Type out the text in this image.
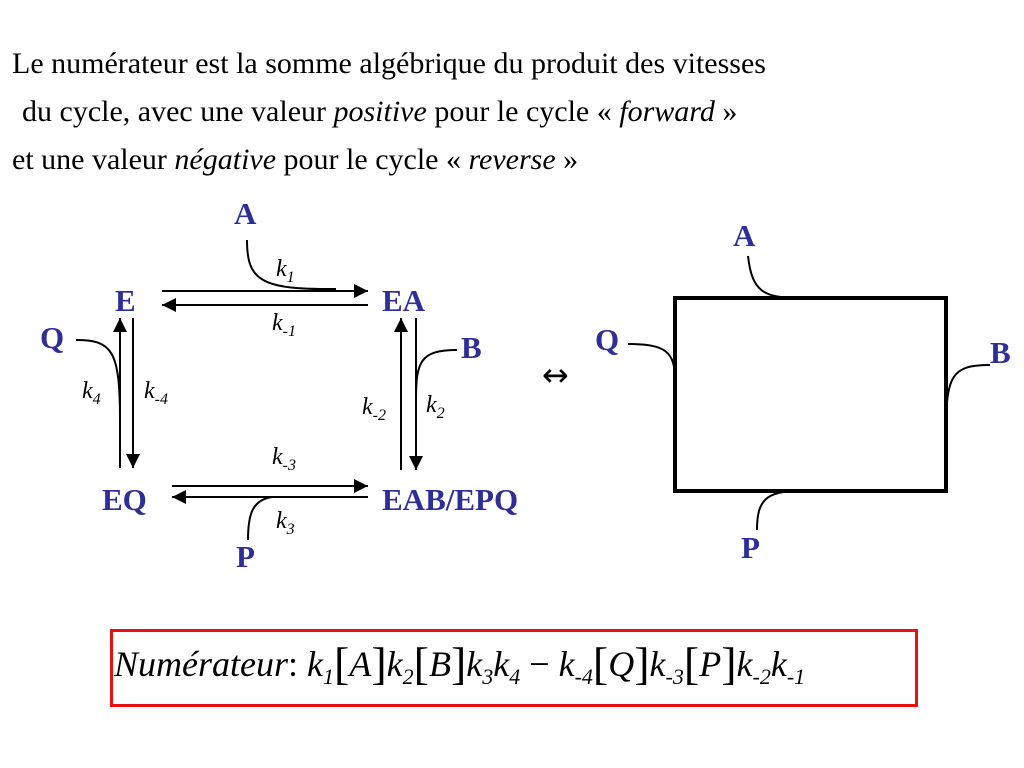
Le numérateur est la somme algébrique du produit des vitesses

du cycle, avec une valeur positive pour le cycle « forward »

et une valeur négative pour le cycle « reverse »

E	EA
EQ	EAB/EPQ
A
Q	B
P
$k_1$
$k_{-1}$
$k_2$
$k_{-2}$
$k_3$
$k_{-3}$
$k_4$ $k_{-4}$
↔
A
Q	B
P
Numérateur: $k_1[A]k_2[B]k_3k_4 - k_{-4}[Q]k_{-3}[P]k_{-2}k_{-1}$
